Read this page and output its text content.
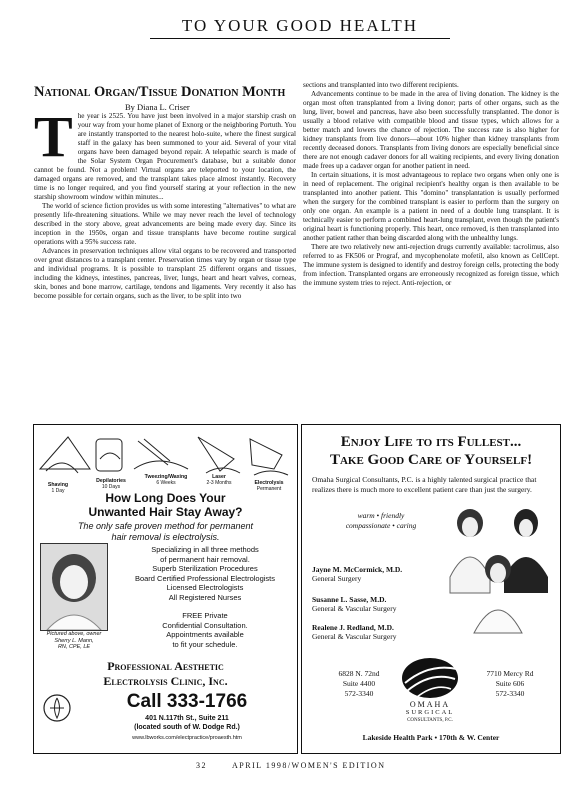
TO YOUR GOOD HEALTH
National Organ/Tissue Donation Month
By Diana L. Criser

The year is 2525. You have just been involved in a major starship crash on your way from your home planet of Exnorg or the neighboring Portuth. You are instantly transported to the nearest holo-suite, where the finest surgical staff in the galaxy has been summoned to your aid. Several of your vital organs have been damaged beyond repair. A telepathic search is made of the Solar System Organ Procurement's database, but a suitable donor cannot be found. Not a problem! Virtual organs are teleported to your location, the damaged organs are removed, and the transplant takes place almost instantly. Recovery time is no longer required, and you find yourself staring at your reflection in the new starship showroom window within minutes...

The world of science fiction provides us with some interesting "alternatives" to what are presently life-threatening situations. While we may never reach the level of technology described in the story above, great advancements are being made every day. Since its inception in the 1950s, organ and tissue transplants have become routine surgical operations with a 95% success rate.

Advances in preservation techniques allow vital organs to be recovered and transported over great distances to a transplant center. Preservation times vary by organ or tissue type and individual programs. It is possible to transplant 25 different organs and tissues, including the kidneys, intestines, pancreas, liver, lungs, heart and heart valves, corneas, skin, bones and bone marrow, cartilage, tendons and ligaments. Very recently it also has become possible for certain organs, such as the liver, to be split into two

sections and transplanted into two different recipients.

Advancements continue to be made in the area of living donation. The kidney is the organ most often transplanted from a living donor; parts of other organs, such as the lung, liver, bowel and pancreas, have also been successfully transplanted. The donor is usually a blood relative with compatible blood and tissue types, which allows for a better match and lowers the chance of rejection. The success rate is also higher for kidney transplants from live donors—about 10% higher than kidney transplants from recently deceased donors. Transplants from living donors are especially beneficial since there are not enough cadaver donors for all waiting recipients, and every living donation made frees up a cadaver organ for another patient in need.

In certain situations, it is most advantageous to replace two organs when only one is in need of replacement. The original recipient's healthy organ is then available to be transplanted into another patient. This "domino" transplantation is usually performed when the surgery for the combined transplant is easier to perform than the surgery on only one organ. An example is a patient in need of a double lung transplant. It is technically easier to perform a combined heart-lung transplant, even though the patient's original heart is functioning properly. This heart, once removed, is then transplanted into another patient rather than being discarded along with the unhealthy lungs.

There are two relatively new anti-rejection drugs currently available: tacrolimus, also referred to as FK506 or Prograf, and mycophenolate mofetil, also known as CellCept. The immune system is designed to identify and destroy foreign cells, protecting the body from infection. Transplanted organs are erroneously recognized as foreign tissue, which the immune system tries to reject. Anti-rejection, or

Shaving
1 Day
Depilatories
10 Days
Tweezing/Waxing
6 Weeks
Laser
2-3 Months	Electrolysis
Permanent
How Long Does Your
Unwanted Hair Stay Away?
The only safe proven method for permanent
hair removal is electrolysis.
Pictured above, owner
Sherry L. Mann,
RN, CPE, LE
Specializing in all three methods
of permanent hair removal.
Superb Sterilization Procedures
Board Certified Professional Electrologists
Licensed Electrologists
All Registered Nurses
FREE Private
Confidential Consultation.
Appointments available
to fit your schedule.
Professional Aesthetic
Electrolysis Clinic, Inc.
Call 333-1766
401 N.117th St., Suite 211
(located south of W. Dodge Rd.)
www.lbworks.com/electpractice/proaesth.htm
Enjoy Life to its Fullest...
Take Good Care of Yourself!
Omaha Surgical Consultants, P.C. is a highly talented surgical practice that realizes there is much more to excellent patient care than just the surgery.
warm • friendly
compassionate • caring
Jayne M. McCormick, M.D.
General Surgery
Susanne L. Sasse, M.D.
General & Vascular Surgery
Realene J. Redland, M.D.
General & Vascular Surgery
6828 N. 72nd
Suite 4400
572-3340
OMAHA
SURGICAL
CONSULTANTS, P.C.
7710 Mercy Rd
Suite 606
572-3340
Lakeside Health Park • 170th & W. Center
32	APRIL 1998/WOMEN'S EDITION
